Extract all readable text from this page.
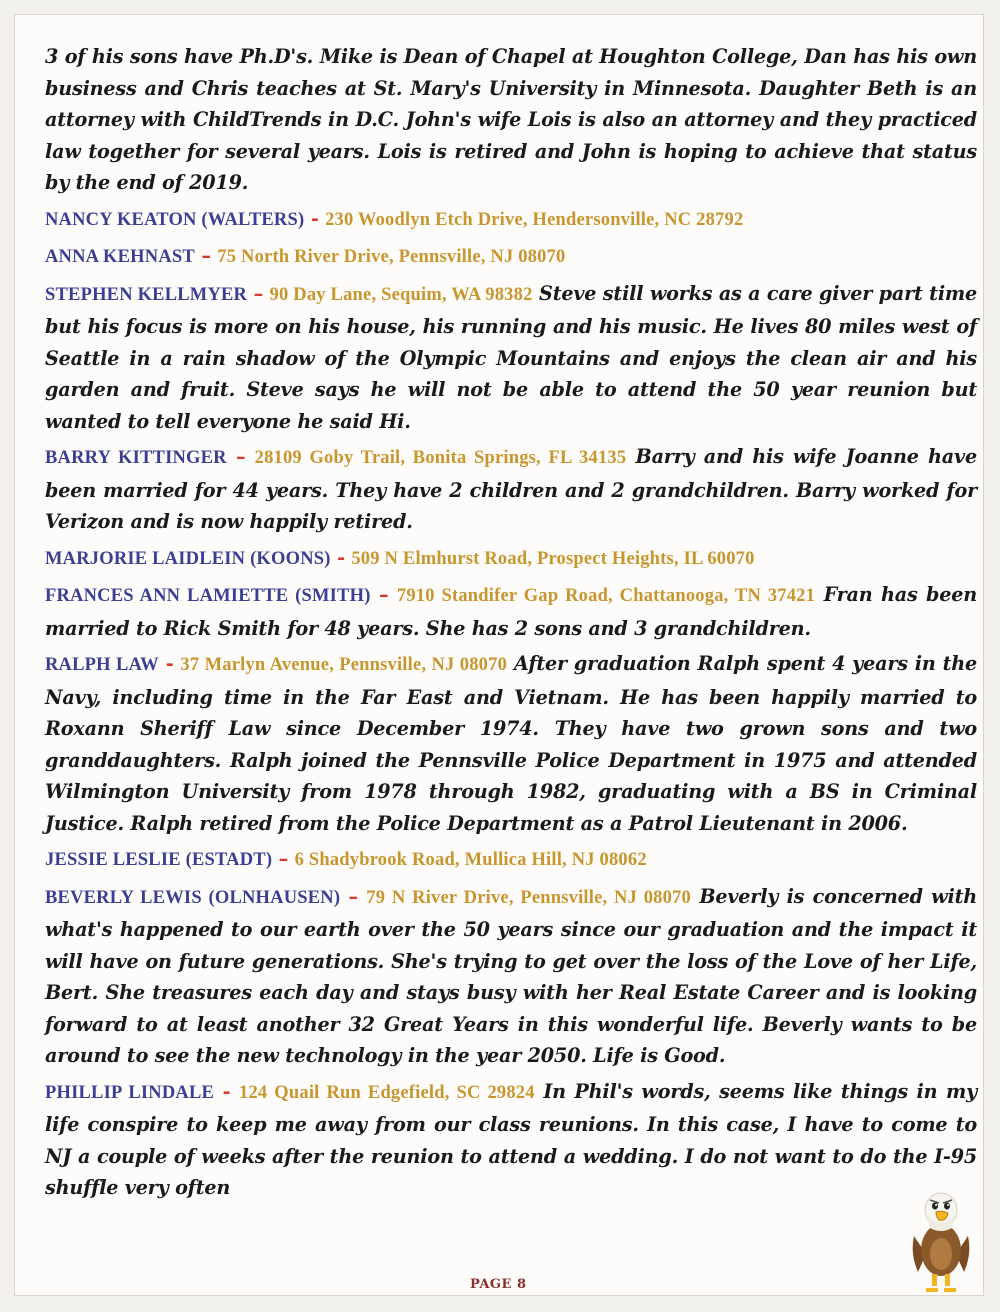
3 of his sons have Ph.D's. Mike is Dean of Chapel at Houghton College, Dan has his own business and Chris teaches at St. Mary's University in Minnesota. Daughter Beth is an attorney with ChildTrends in D.C. John's wife Lois is also an attorney and they practiced law together for several years. Lois is retired and John is hoping to achieve that status by the end of 2019.

NANCY KEATON (WALTERS) - 230 Woodlyn Etch Drive, Hendersonville, NC 28792

ANNA KEHNAST – 75 North River Drive, Pennsville, NJ 08070

STEPHEN KELLMYER – 90 Day Lane, Sequim, WA 98382 Steve still works as a care giver part time but his focus is more on his house, his running and his music. He lives 80 miles west of Seattle in a rain shadow of the Olympic Mountains and enjoys the clean air and his garden and fruit. Steve says he will not be able to attend the 50 year reunion but wanted to tell everyone he said Hi.

BARRY KITTINGER – 28109 Goby Trail, Bonita Springs, FL 34135 Barry and his wife Joanne have been married for 44 years. They have 2 children and 2 grandchildren. Barry worked for Verizon and is now happily retired.

MARJORIE LAIDLEIN (KOONS) - 509 N Elmhurst Road, Prospect Heights, IL 60070

FRANCES ANN LAMIETTE (SMITH) – 7910 Standifer Gap Road, Chattanooga, TN 37421 Fran has been married to Rick Smith for 48 years. She has 2 sons and 3 grandchildren.

RALPH LAW - 37 Marlyn Avenue, Pennsville, NJ 08070 After graduation Ralph spent 4 years in the Navy, including time in the Far East and Vietnam. He has been happily married to Roxann Sheriff Law since December 1974. They have two grown sons and two granddaughters. Ralph joined the Pennsville Police Department in 1975 and attended Wilmington University from 1978 through 1982, graduating with a BS in Criminal Justice. Ralph retired from the Police Department as a Patrol Lieutenant in 2006.

JESSIE LESLIE (ESTADT) – 6 Shadybrook Road, Mullica Hill, NJ 08062

BEVERLY LEWIS (OLNHAUSEN) – 79 N River Drive, Pennsville, NJ 08070 Beverly is concerned with what's happened to our earth over the 50 years since our graduation and the impact it will have on future generations. She's trying to get over the loss of the Love of her Life, Bert. She treasures each day and stays busy with her Real Estate Career and is looking forward to at least another 32 Great Years in this wonderful life. Beverly wants to be around to see the new technology in the year 2050. Life is Good.

PHILLIP LINDALE - 124 Quail Run Edgefield, SC 29824 In Phil's words, seems like things in my life conspire to keep me away from our class reunions. In this case, I have to come to NJ a couple of weeks after the reunion to attend a wedding. I do not want to do the I-95 shuffle very often

PAGE 8
